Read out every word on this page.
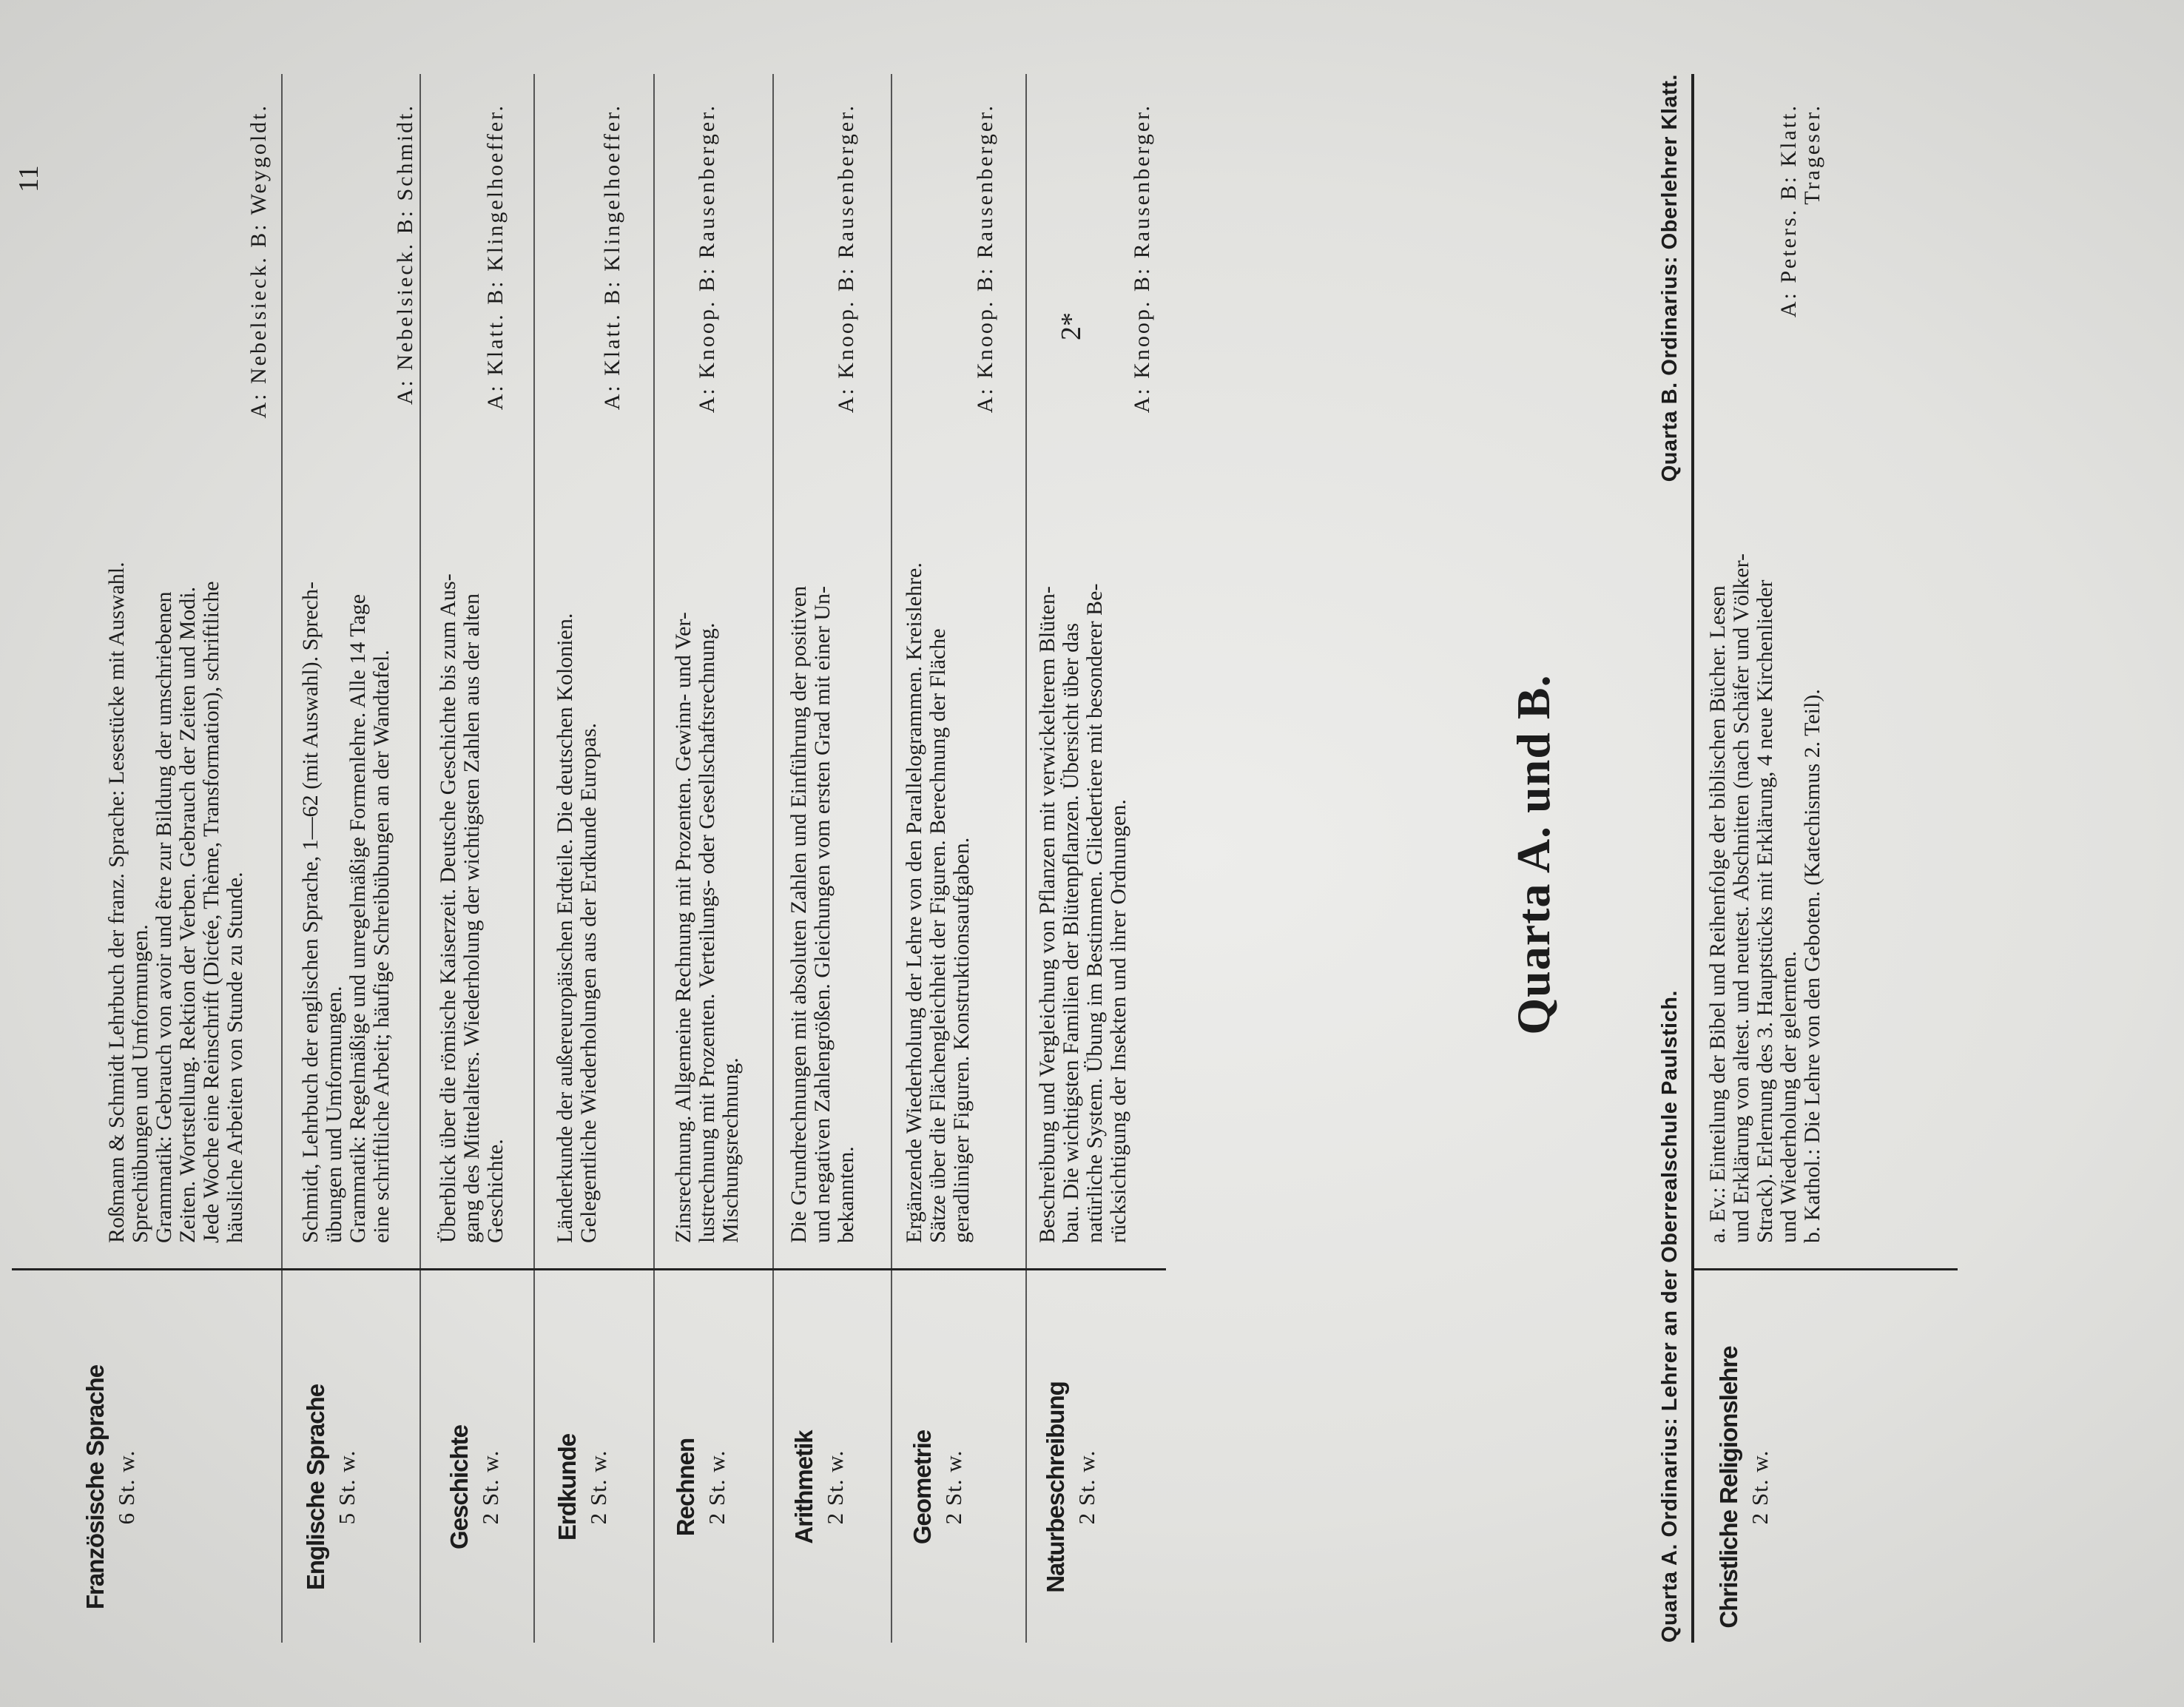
11
Französische Sprache 6 St. w.

Roßmann & Schmidt Lehrbuch der franz. Sprache: Lesestücke mit Auswahl. Sprechübungen und Umformungen. Grammatik: Gebrauch von avoir und être zur Bildung der umschriebenen Zeiten. Wortstellung. Rektion der Verben. Gebrauch der Zeiten und Modi. Jede Woche eine Reinschrift (Dictée, Thème, Transformation), schriftliche häusliche Arbeiten von Stunde zu Stunde.

A: Nebelsieck. B: Weygoldt.

Englische Sprache 5 St. w.

Schmidt, Lehrbuch der englischen Sprache, 1—62 (mit Auswahl). Sprech- übungen und Umformungen. Grammatik: Regelmäßige und unregelmäßige Formenlehre. Alle 14 Tage eine schriftliche Arbeit; häufige Schreibübungen an der Wandtafel.

A: Nebelsieck. B: Schmidt.

Geschichte 2 St. w.

Überblick über die römische Kaiserzeit. Deutsche Geschichte bis zum Aus- gang des Mittelalters. Wiederholung der wichtigsten Zahlen aus der alten Geschichte.

A: Klatt. B: Klingelhoeffer.

Erdkunde 2 St. w.

Länderkunde der außereuropäischen Erdteile. Die deutschen Kolonien. Gelegentliche Wiederholungen aus der Erdkunde Europas.

A: Klatt. B: Klingelhoeffer.

Rechnen 2 St. w.

Zinsrechnung. Allgemeine Rechnung mit Prozenten. Gewinn- und Ver- lustrechnung mit Prozenten. Verteilungs- oder Gesellschaftsrechnung. Mischungsrechnung.

A: Knoop. B: Rausenberger.

Arithmetik 2 St. w.

Die Grundrechnungen mit absoluten Zahlen und Einführung der positiven und negativen Zahlengrößen. Gleichungen vom ersten Grad mit einer Un- bekannten.

A: Knoop. B: Rausenberger.

Geometrie 2 St. w.

Ergänzende Wiederholung der Lehre von den Parallelogrammen. Kreislehre. Sätze über die Flächengleichheit der Figuren. Berechnung der Fläche geradliniger Figuren. Konstruktionsaufgaben.

A: Knoop. B: Rausenberger.

Naturbeschreibung 2 St. w.

Beschreibung und Vergleichung von Pflanzen mit verwickelterem Blüten- bau. Die wichtigsten Familien der Blütenpflanzen. Übersicht über das natürliche System. Übung im Bestimmen. Gliedertiere mit besonderer Be- rücksichtigung der Insekten und ihrer Ordnungen.

A: Knoop. B: Rausenberger.

2*
Quarta A. und B.
Quarta A. Ordinarius: Lehrer an der Oberrealschule Paulstich.
Quarta B. Ordinarius: Oberlehrer Klatt.
Christliche Religionslehre 2 St. w.

a. Ev.: Einteilung der Bibel und Reihenfolge der biblischen Bücher. Lesen und Erklärung von altest. und neutest. Abschnitten (nach Schäfer und Völker- Strack). Erlernung des 3. Hauptstücks mit Erklärung, 4 neue Kirchenlieder und Wiederholung der gelernten.

A: Peters. B: Klatt.

b. Kathol.: Die Lehre von den Geboten. (Katechismus 2. Teil).
Trageser.
